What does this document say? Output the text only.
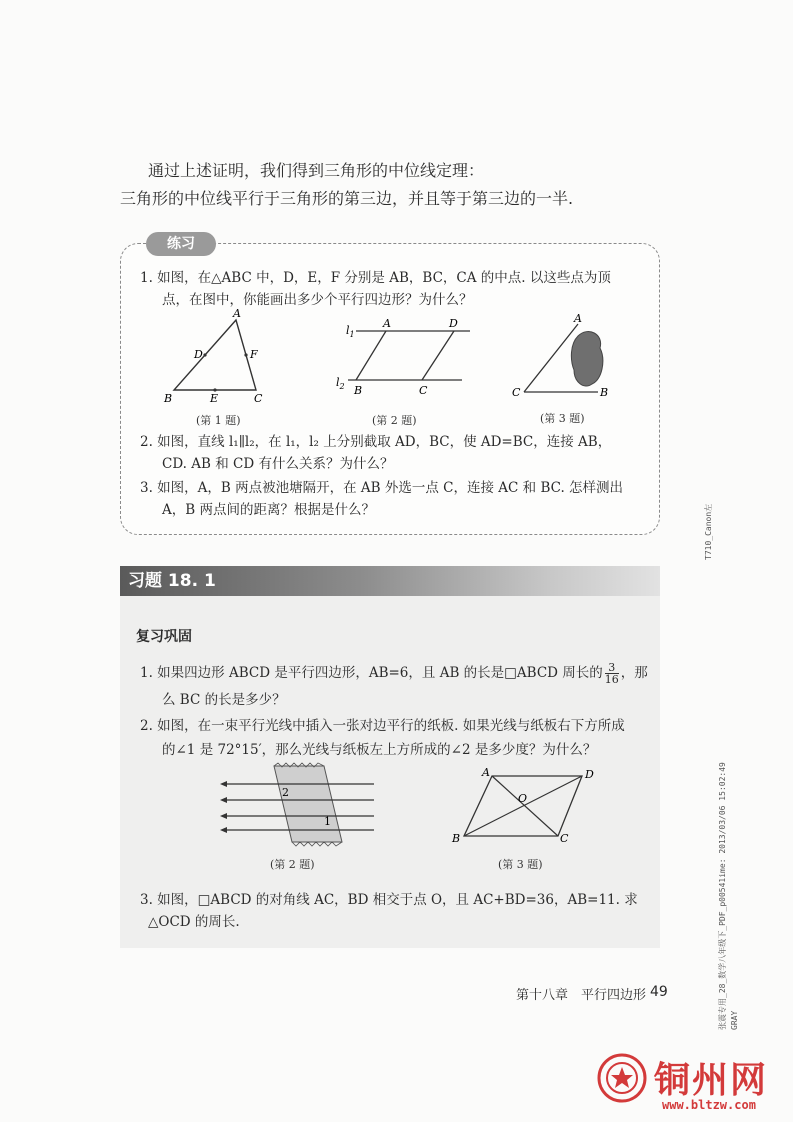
通过上述证明，我们得到三角形的中位线定理：
三角形的中位线平行于三角形的第三边，并且等于第三边的一半.
练习
1. 如图，在△ABC 中，D，E，F 分别是 AB，BC，CA 的中点. 以这些点为顶
点，在图中，你能画出多少个平行四边形？为什么？
A
B	C
D
E
F
(第 1 题)
$l_1$
$l_2$
A	D
B	C
(第 2 题)
A
C	B
(第 3 题)
2. 如图，直线 l₁∥l₂，在 l₁，l₂ 上分别截取 AD，BC，使 AD=BC，连接 AB，
CD. AB 和 CD 有什么关系？为什么？
3. 如图，A，B 两点被池塘隔开，在 AB 外选一点 C，连接 AC 和 BC. 怎样测出
A，B 两点间的距离？根据是什么？
习题 18. 1
复习巩固
1. 如果四边形 ABCD 是平行四边形，AB=6，且 AB 的长是□ABCD 周长的 $\frac{3}{16}$ ，那
么 BC 的长是多少？
2. 如图，在一束平行光线中插入一张对边平行的纸板. 如果光线与纸板右下方所成
的∠1 是 72°15′，那么光线与纸板左上方所成的∠2 是多少度？为什么？
2
1
(第 2 题)
A	D
B	C
O
(第 3 题)
3. 如图，□ABCD 的对角线 AC，BD 相交于点 O，且 AC+BD=36，AB=11. 求
△OCD 的周长.
第十八章　平行四边形 49
T710_Canon左
张震专用_28_数学八年级下_PDF_p00541ime: 2013/03/06 15:02:49 GRAY
铜州网
www.bltzw.com
